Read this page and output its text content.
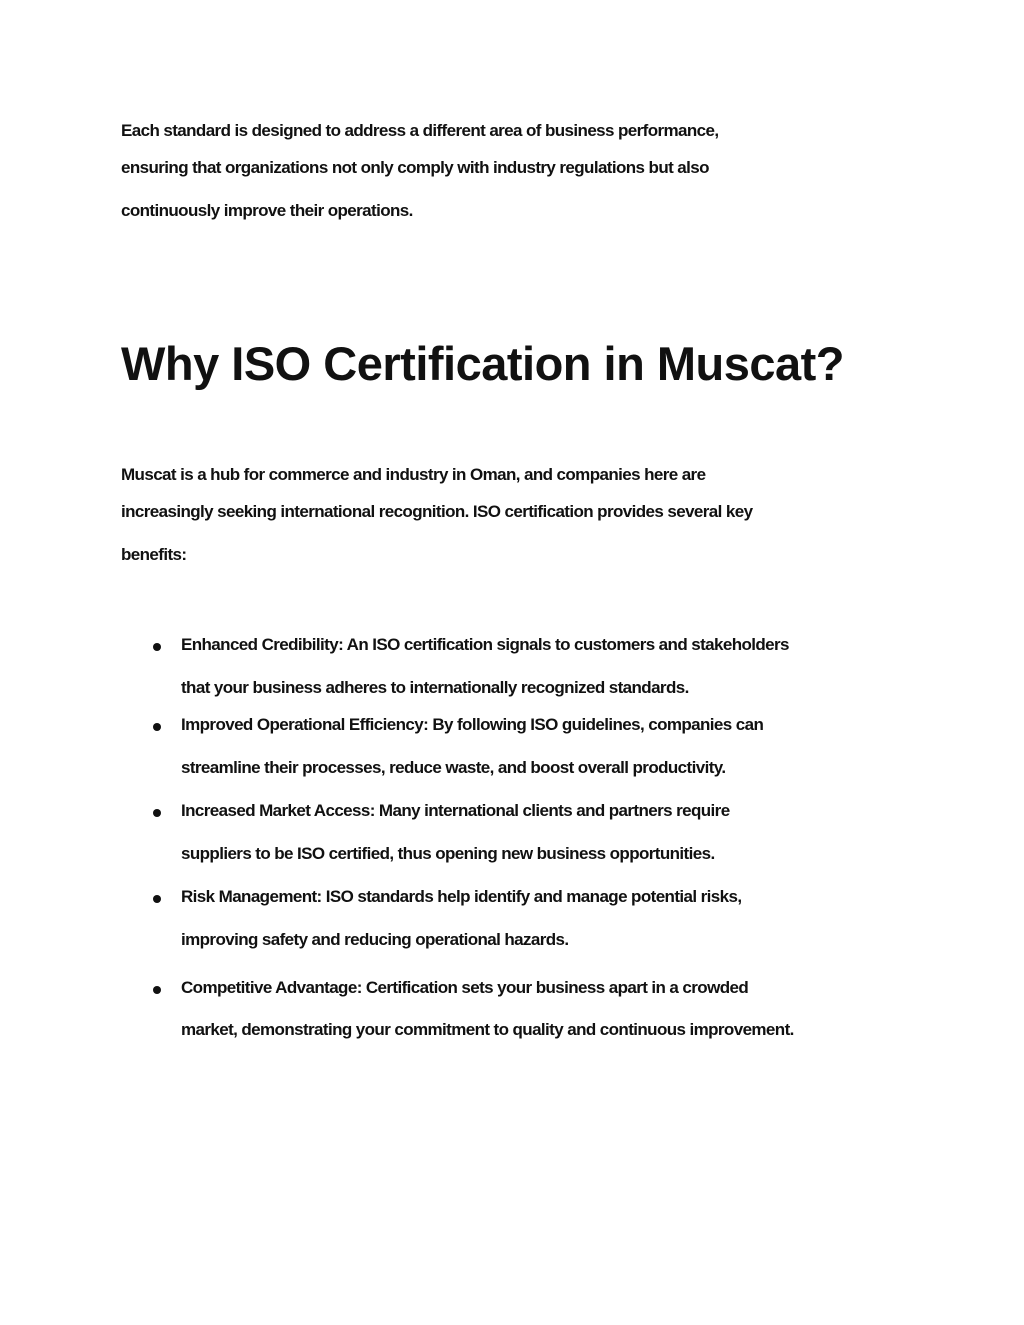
Each standard is designed to address a different area of business performance,
ensuring that organizations not only comply with industry regulations but also
continuously improve their operations.
Why ISO Certification in Muscat?
Muscat is a hub for commerce and industry in Oman, and companies here are
increasingly seeking international recognition. ISO certification provides several key
benefits:
Enhanced Credibility: An ISO certification signals to customers and stakeholders
that your business adheres to internationally recognized standards.
Improved Operational Efficiency: By following ISO guidelines, companies can
streamline their processes, reduce waste, and boost overall productivity.
Increased Market Access: Many international clients and partners require
suppliers to be ISO certified, thus opening new business opportunities.
Risk Management: ISO standards help identify and manage potential risks,
improving safety and reducing operational hazards.
Competitive Advantage: Certification sets your business apart in a crowded
market, demonstrating your commitment to quality and continuous improvement.
